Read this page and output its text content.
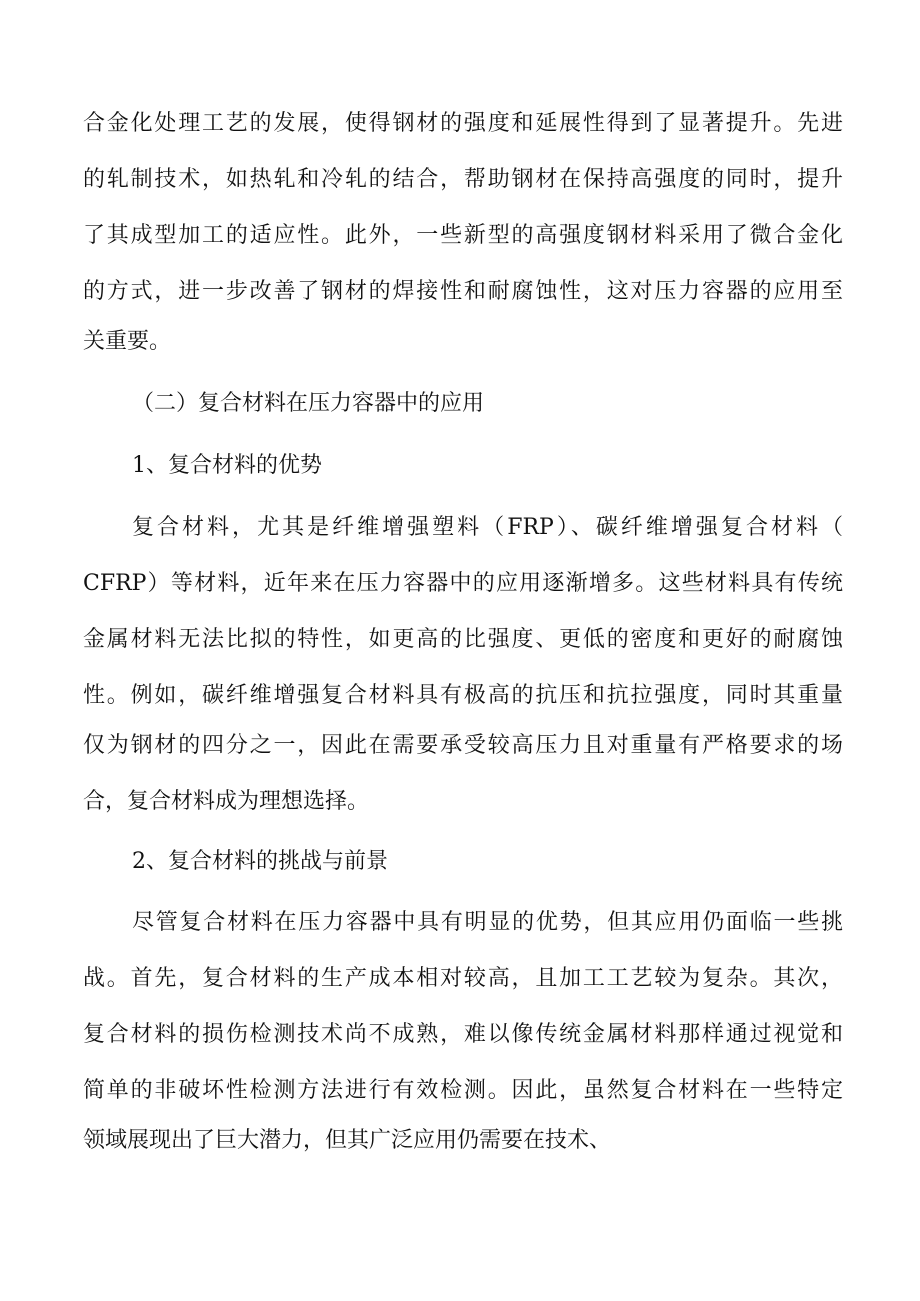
合金化处理工艺的发展，使得钢材的强度和延展性得到了显著提升。先进
的轧制技术，如热轧和冷轧的结合，帮助钢材在保持高强度的同时，提升
了其成型加工的适应性。此外，一些新型的高强度钢材料采用了微合金化
的方式，进一步改善了钢材的焊接性和耐腐蚀性，这对压力容器的应用至
关重要。
（二）复合材料在压力容器中的应用
1、复合材料的优势
复合材料，尤其是纤维增强塑料（FRP）、碳纤维增强复合材料（
CFRP）等材料，近年来在压力容器中的应用逐渐增多。这些材料具有传统
金属材料无法比拟的特性，如更高的比强度、更低的密度和更好的耐腐蚀
性。例如，碳纤维增强复合材料具有极高的抗压和抗拉强度，同时其重量
仅为钢材的四分之一，因此在需要承受较高压力且对重量有严格要求的场
合，复合材料成为理想选择。
2、复合材料的挑战与前景
尽管复合材料在压力容器中具有明显的优势，但其应用仍面临一些挑
战。首先，复合材料的生产成本相对较高，且加工工艺较为复杂。其次，
复合材料的损伤检测技术尚不成熟，难以像传统金属材料那样通过视觉和
简单的非破坏性检测方法进行有效检测。因此，虽然复合材料在一些特定
领域展现出了巨大潜力，但其广泛应用仍需要在技术、
